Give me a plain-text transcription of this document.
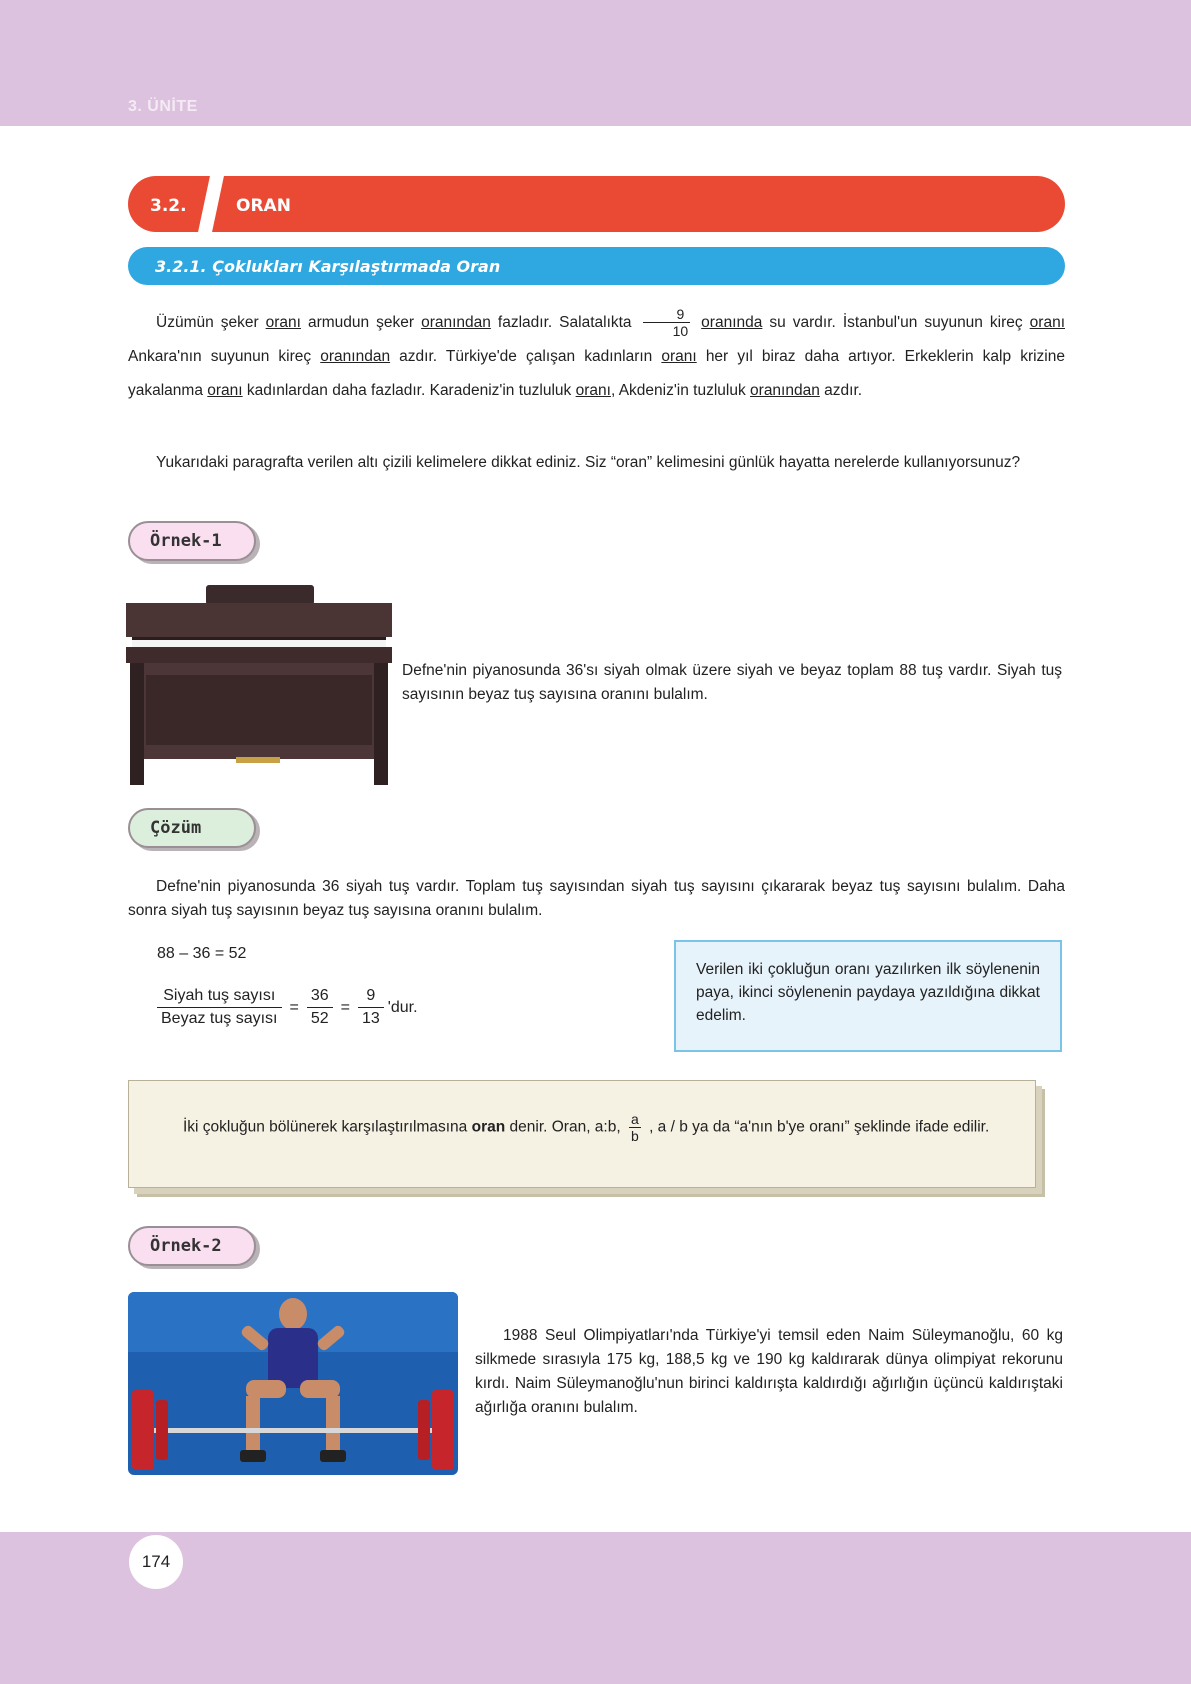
3. ÜNİTE
3.2.	ORAN
3.2.1. Çoklukları Karşılaştırmada Oran
Üzümün şeker oranı armudun şeker oranından fazladır. Salatalıkta $\frac{9}{10}$ oranında su vardır. İstanbul'un suyunun kireç oranı Ankara'nın suyunun kireç oranından azdır. Türkiye'de çalışan kadınların oranı her yıl biraz daha artıyor. Erkeklerin kalp krizine yakalanma oranı kadınlardan daha fazladır. Karadeniz'in tuzluluk oranı, Akdeniz'in tuzluluk oranından azdır.
Yukarıdaki paragrafta verilen altı çizili kelimelere dikkat ediniz. Siz “oran” kelimesini günlük hayatta nerelerde kullanıyorsunuz?
Örnek-1
Defne'nin piyanosunda 36'sı siyah olmak üzere siyah ve beyaz toplam 88 tuş vardır. Siyah tuş sayısının beyaz tuş sayısına oranını bulalım.
Çözüm
Defne'nin piyanosunda 36 siyah tuş vardır. Toplam tuş sayısından siyah tuş sayısını çıkararak beyaz tuş sayısını bulalım. Daha sonra siyah tuş sayısının beyaz tuş sayısına oranını bulalım.
88 – 36 = 52
$\frac{\text{Siyah tuş sayısı}}{\text{Beyaz tuş sayısı}} = \frac{36}{52} = \frac{9}{13}$ 'dur.
Verilen iki çokluğun oranı yazılırken ilk söylenenin paya, ikinci söylenenin paydaya yazıldığına dikkat edelim.
İki çokluğun bölünerek karşılaştırılmasına oran denir. Oran, a:b, $\frac{a}{b}$ , a / b ya da “a'nın b'ye oranı” şeklinde ifade edilir.
Örnek-2
1988 Seul Olimpiyatları'nda Türkiye'yi temsil eden Naim Süleymanoğlu, 60 kg silkmede sırasıyla 175 kg, 188,5 kg ve 190 kg kaldırarak dünya olimpiyat rekorunu kırdı. Naim Süleymanoğlu'nun birinci kaldırışta kaldırdığı ağırlığın üçüncü kaldırıştaki ağırlığa oranını bulalım.
174
